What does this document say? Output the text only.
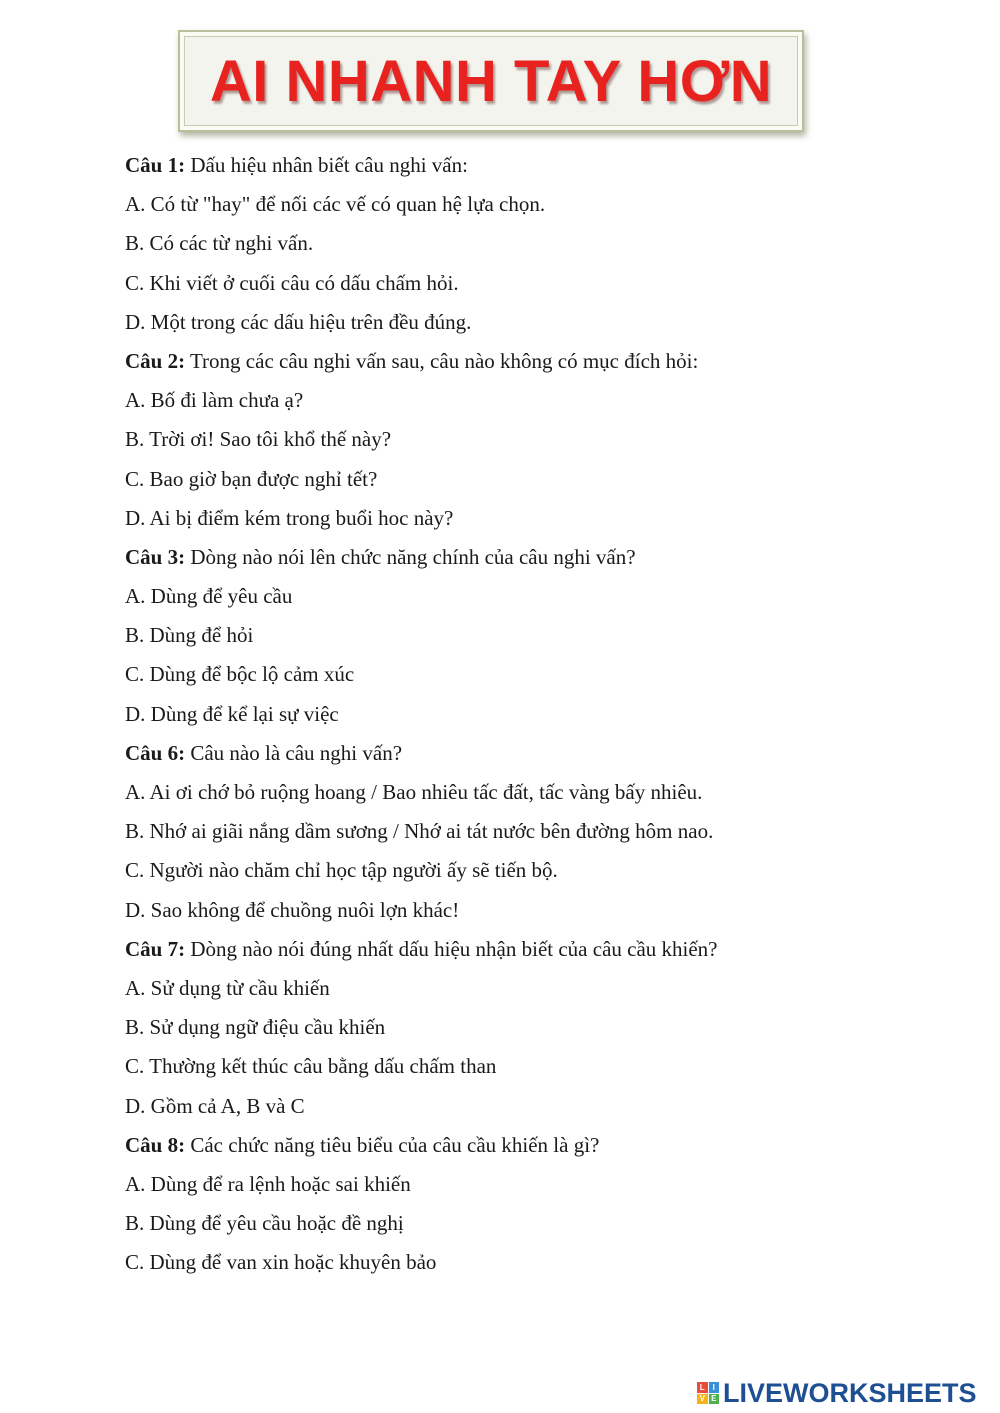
AI NHANH TAY HƠN
Câu 1: Dấu hiệu nhân biết câu nghi vấn:
A. Có từ "hay" để nối các vế có quan hệ lựa chọn.
B. Có các từ nghi vấn.
C. Khi viết ở cuối câu có dấu chấm hỏi.
D. Một trong các dấu hiệu trên đều đúng.
Câu 2: Trong các câu nghi vấn sau, câu nào không có mục đích hỏi:
A. Bố đi làm chưa ạ?
B. Trời ơi! Sao tôi khổ thế này?
C. Bao giờ bạn được nghỉ tết?
D. Ai bị điểm kém trong buổi hoc này?
Câu 3: Dòng nào nói lên chức năng chính của câu nghi vấn?
A. Dùng để yêu cầu
B. Dùng để hỏi
C. Dùng để bộc lộ cảm xúc
D. Dùng để kể lại sự việc
Câu 6: Câu nào là câu nghi vấn?
A. Ai ơi chớ bỏ ruộng hoang / Bao nhiêu tấc đất, tấc vàng bấy nhiêu.
B. Nhớ ai giãi nắng dầm sương / Nhớ ai tát nước bên đường hôm nao.
C. Người nào chăm chỉ học tập người ấy sẽ tiến bộ.
D. Sao không để chuồng nuôi lợn khác!
Câu 7: Dòng nào nói đúng nhất dấu hiệu nhận biết của câu cầu khiến?
A. Sử dụng từ cầu khiến
B. Sử dụng ngữ điệu cầu khiến
C. Thường kết thúc câu bằng dấu chấm than
D. Gồm cả A, B và C
Câu 8: Các chức năng tiêu biểu của câu cầu khiến là gì?
A. Dùng để ra lệnh hoặc sai khiến
B. Dùng để yêu cầu hoặc đề nghị
C. Dùng để van xin hoặc khuyên bảo
L I
V E LIVEWORKSHEETS
